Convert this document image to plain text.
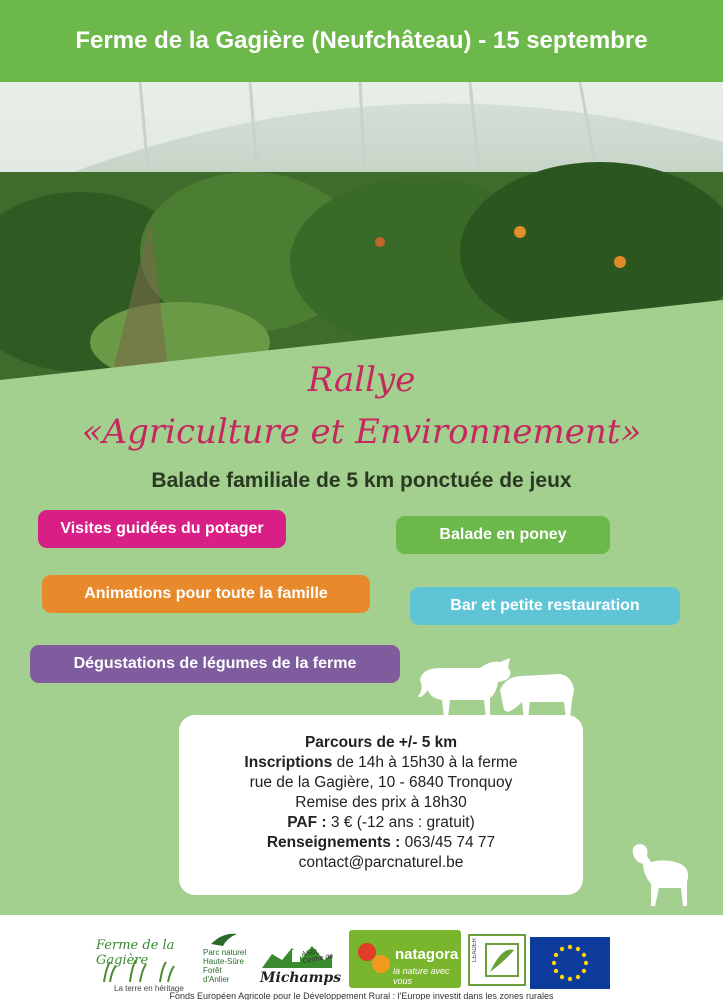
Ferme de la Gagière (Neufchâteau) - 15 septembre
Rallye
«Agriculture et Environnement»
Balade familiale de 5 km ponctuée de jeux
Visites guidées du potager	Balade en poney
Animations pour toute la famille
Bar et petite restauration
Dégustations de légumes de la ferme
Parcours de +/- 5 km
Inscriptions de 14h à 15h30 à la ferme
rue de la Gagière, 10 - 6840 Tronquoy
Remise des prix à 18h30
PAF : 3 € (-12 ans : gratuit)
Renseignements : 063/45 74 77
contact@parcnaturel.be
Ferme de la Gagière
La terre en héritage
Parc naturel Haute-Sûre Forêt d'Anlier
ASBL Centre de
Michamps
natagora
la nature avec vous
LEADER
Fonds Européen Agricole pour le Développement Rural : l'Europe investit dans les zones rurales
